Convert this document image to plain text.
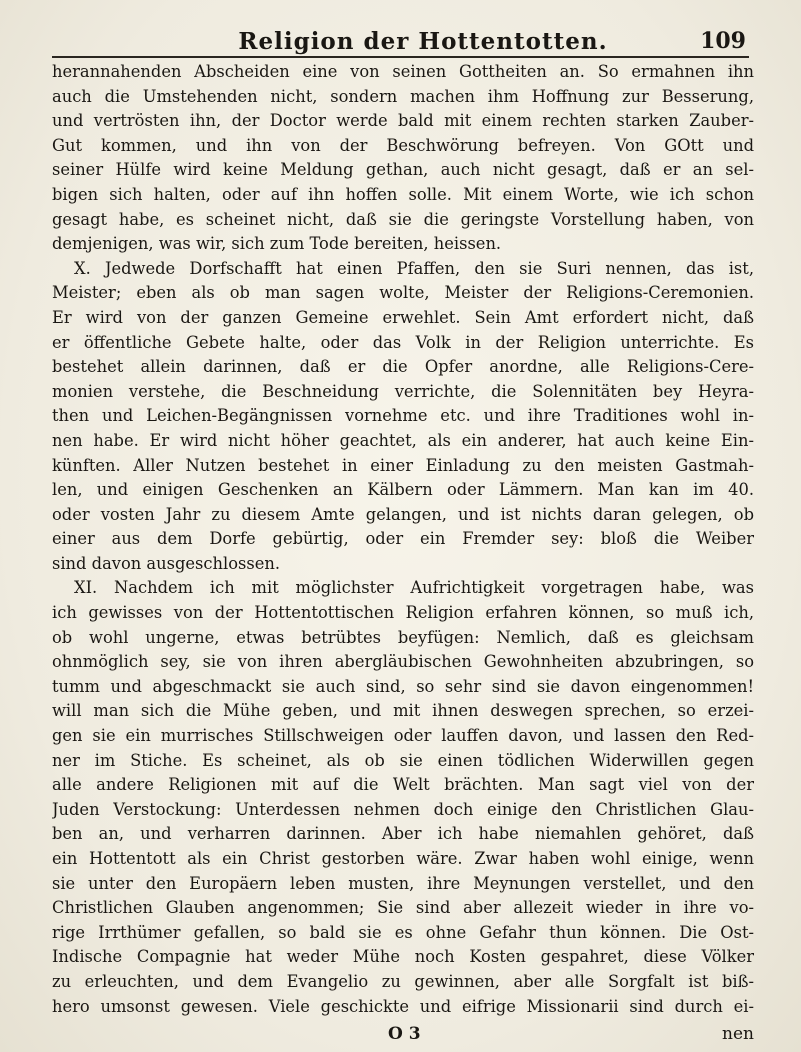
Religion der Hottentotten.	109
herannahenden Abscheiden eine von seinen Gottheiten an. So ermahnen ihn
auch die Umstehenden nicht, sondern machen ihm Hoffnung zur Besserung,
und vertrösten ihn, der Doctor werde bald mit einem rechten starken Zauber-
Gut kommen, und ihn von der Beschwörung befreyen. Von GOtt und
seiner Hülfe wird keine Meldung gethan, auch nicht gesagt, daß er an sel-
bigen sich halten, oder auf ihn hoffen solle. Mit einem Worte, wie ich schon
gesagt habe, es scheinet nicht, daß sie die geringste Vorstellung haben, von
demjenigen, was wir, sich zum Tode bereiten, heissen.
X. Jedwede Dorfschafft hat einen Pfaffen, den sie Suri nennen, das ist,
Meister; eben als ob man sagen wolte, Meister der Religions-Ceremonien.
Er wird von der ganzen Gemeine erwehlet. Sein Amt erfordert nicht, daß
er öffentliche Gebete halte, oder das Volk in der Religion unterrichte. Es
bestehet allein darinnen, daß er die Opfer anordne, alle Religions-Cere-
monien verstehe, die Beschneidung verrichte, die Solennitäten bey Heyra-
then und Leichen-Begängnissen vornehme etc. und ihre Traditiones wohl in-
nen habe. Er wird nicht höher geachtet, als ein anderer, hat auch keine Ein-
künften. Aller Nutzen bestehet in einer Einladung zu den meisten Gastmah-
len, und einigen Geschenken an Kälbern oder Lämmern. Man kan im 40.
oder vosten Jahr zu diesem Amte gelangen, und ist nichts daran gelegen, ob
einer aus dem Dorfe gebürtig, oder ein Fremder sey: bloß die Weiber
sind davon ausgeschlossen.
XI. Nachdem ich mit möglichster Aufrichtigkeit vorgetragen habe, was
ich gewisses von der Hottentottischen Religion erfahren können, so muß ich,
ob wohl ungerne, etwas betrübtes beyfügen: Nemlich, daß es gleichsam
ohnmöglich sey, sie von ihren abergläubischen Gewohnheiten abzubringen, so
tumm und abgeschmackt sie auch sind, so sehr sind sie davon eingenommen!
will man sich die Mühe geben, und mit ihnen deswegen sprechen, so erzei-
gen sie ein murrisches Stillschweigen oder lauffen davon, und lassen den Red-
ner im Stiche. Es scheinet, als ob sie einen tödlichen Widerwillen gegen
alle andere Religionen mit auf die Welt brächten. Man sagt viel von der
Juden Verstockung: Unterdessen nehmen doch einige den Christlichen Glau-
ben an, und verharren darinnen. Aber ich habe niemahlen gehöret, daß
ein Hottentott als ein Christ gestorben wäre. Zwar haben wohl einige, wenn
sie unter den Europäern leben musten, ihre Meynungen verstellet, und den
Christlichen Glauben angenommen; Sie sind aber allezeit wieder in ihre vo-
rige Irrthümer gefallen, so bald sie es ohne Gefahr thun können. Die Ost-
Indische Compagnie hat weder Mühe noch Kosten gespahret, diese Völker
zu erleuchten, und dem Evangelio zu gewinnen, aber alle Sorgfalt ist biß-
hero umsonst gewesen. Viele geschickte und eifrige Missionarii sind durch ei-
O 3	nen
